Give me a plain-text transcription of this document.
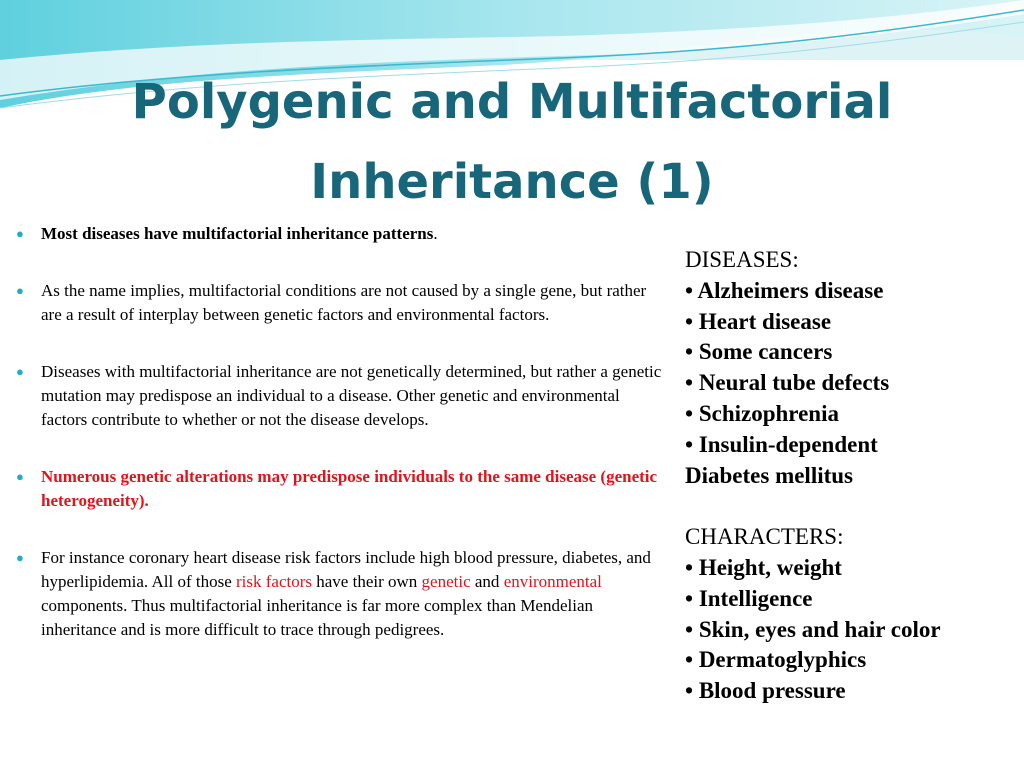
Polygenic and Multifactorial
Inheritance (1)
● Most diseases have multifactorial inheritance patterns.
● As the name implies, multifactorial conditions are not caused by a single gene, but rather are a result of interplay between genetic factors and environmental factors.
● Diseases with multifactorial inheritance are not genetically determined, but rather a genetic mutation may predispose an individual to a disease. Other genetic and environmental factors contribute to whether or not the disease develops.
● Numerous genetic alterations may predispose individuals to the same disease (genetic heterogeneity).
● For instance coronary heart disease risk factors include high blood pressure, diabetes, and hyperlipidemia. All of those risk factors have their own genetic and environmental components. Thus multifactorial inheritance is far more complex than Mendelian inheritance and is more difficult to trace through pedigrees.
DISEASES:
• Alzheimers disease
• Heart disease
• Some cancers
• Neural tube defects
• Schizophrenia
• Insulin-dependent
Diabetes mellitus
CHARACTERS:
• Height, weight
• Intelligence
• Skin, eyes and hair color
• Dermatoglyphics
• Blood pressure
